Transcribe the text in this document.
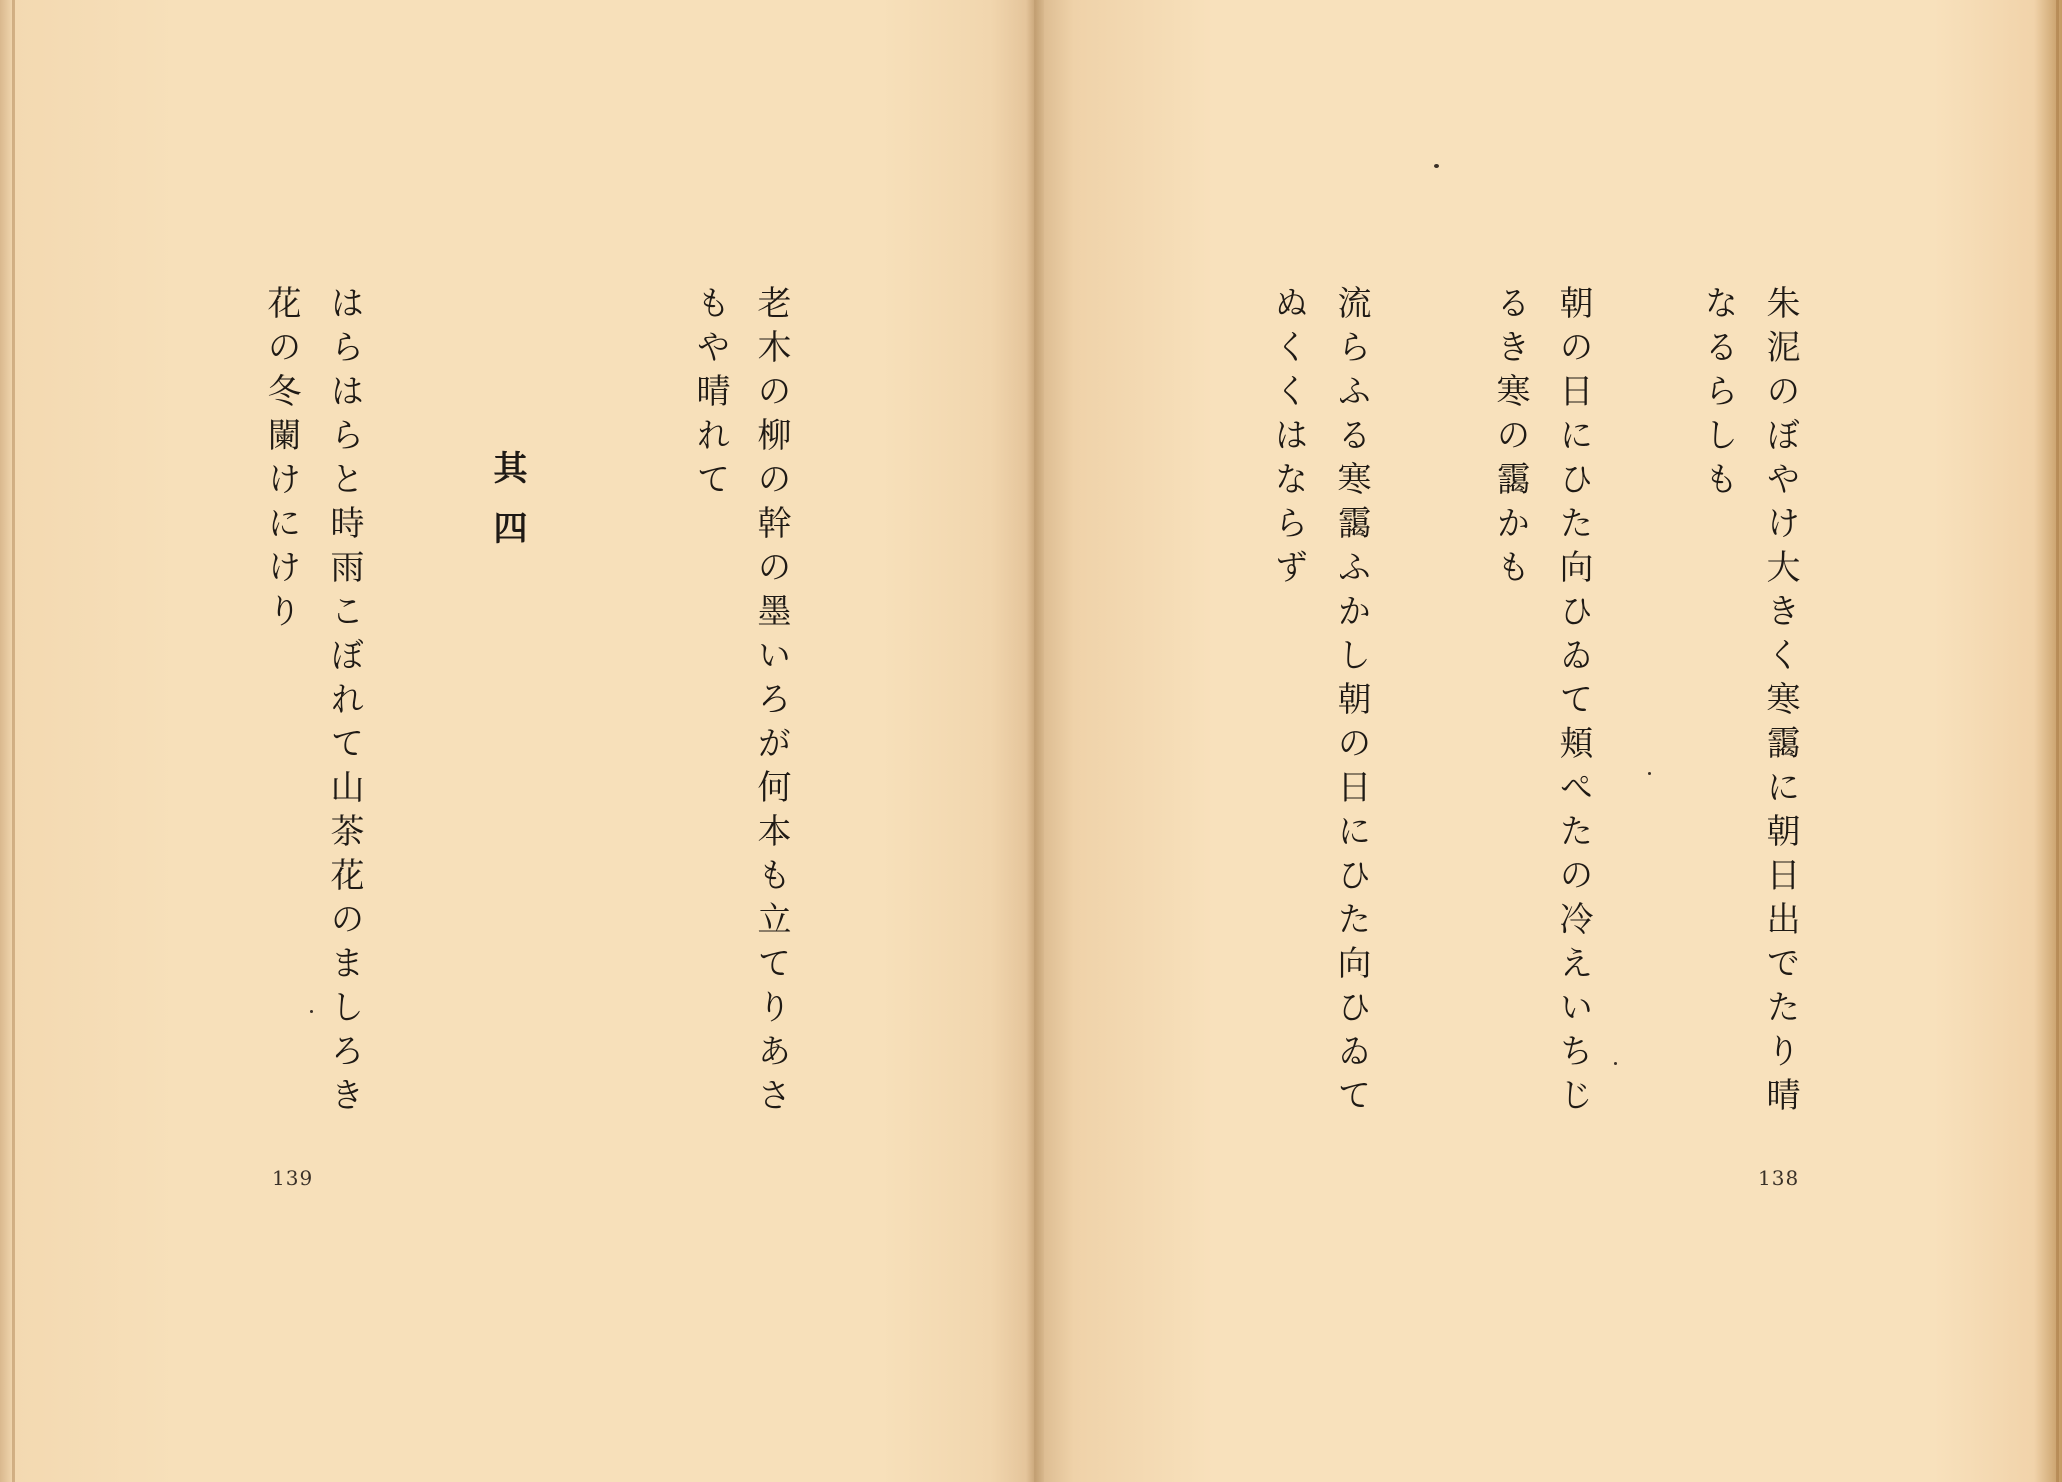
老木の柳の幹の墨いろが何本も立てりあさ
もや晴れて
其四
はらはらと時雨こぼれて山茶花のましろき
花の冬闌けにけり
139
朱泥のぼやけ大きく寒靄に朝日出でたり晴
なるらしも
朝の日にひた向ひゐて頬ぺたの冷えいちじ
るき寒の靄かも
流らふる寒靄ふかし朝の日にひた向ひゐて
ぬくくはならず
138
